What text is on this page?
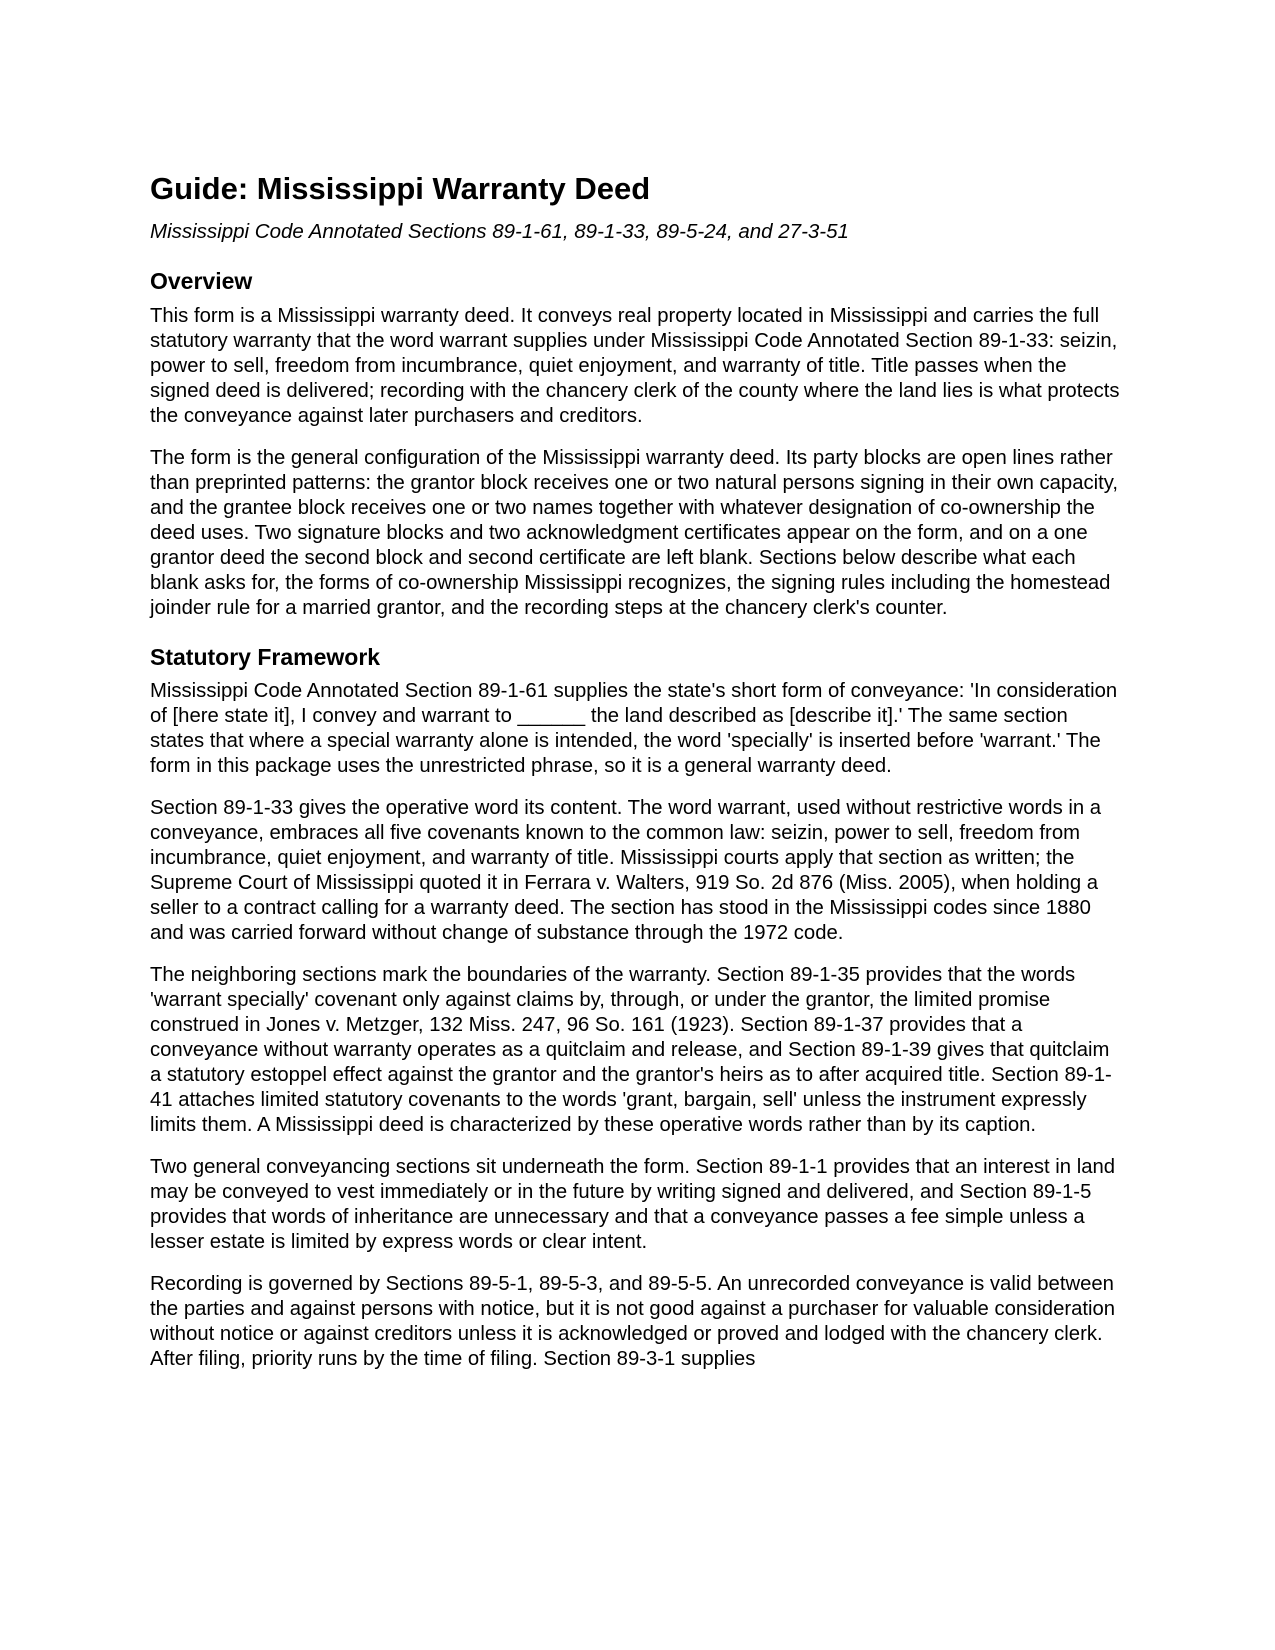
Guide: Mississippi Warranty Deed

Mississippi Code Annotated Sections 89-1-61, 89-1-33, 89-5-24, and 27-3-51

Overview

This form is a Mississippi warranty deed. It conveys real property located in Mississippi and carries the full statutory warranty that the word warrant supplies under Mississippi Code Annotated Section 89-1-33: seizin, power to sell, freedom from incumbrance, quiet enjoyment, and warranty of title. Title passes when the signed deed is delivered; recording with the chancery clerk of the county where the land lies is what protects the conveyance against later purchasers and creditors.

The form is the general configuration of the Mississippi warranty deed. Its party blocks are open lines rather than preprinted patterns: the grantor block receives one or two natural persons signing in their own capacity, and the grantee block receives one or two names together with whatever designation of co-ownership the deed uses. Two signature blocks and two acknowledgment certificates appear on the form, and on a one grantor deed the second block and second certificate are left blank. Sections below describe what each blank asks for, the forms of co-ownership Mississippi recognizes, the signing rules including the homestead joinder rule for a married grantor, and the recording steps at the chancery clerk's counter.

Statutory Framework

Mississippi Code Annotated Section 89-1-61 supplies the state's short form of conveyance: 'In consideration of [here state it], I convey and warrant to ______ the land described as [describe it].' The same section states that where a special warranty alone is intended, the word 'specially' is inserted before 'warrant.' The form in this package uses the unrestricted phrase, so it is a general warranty deed.

Section 89-1-33 gives the operative word its content. The word warrant, used without restrictive words in a conveyance, embraces all five covenants known to the common law: seizin, power to sell, freedom from incumbrance, quiet enjoyment, and warranty of title. Mississippi courts apply that section as written; the Supreme Court of Mississippi quoted it in Ferrara v. Walters, 919 So. 2d 876 (Miss. 2005), when holding a seller to a contract calling for a warranty deed. The section has stood in the Mississippi codes since 1880 and was carried forward without change of substance through the 1972 code.

The neighboring sections mark the boundaries of the warranty. Section 89-1-35 provides that the words 'warrant specially' covenant only against claims by, through, or under the grantor, the limited promise construed in Jones v. Metzger, 132 Miss. 247, 96 So. 161 (1923). Section 89-1-37 provides that a conveyance without warranty operates as a quitclaim and release, and Section 89-1-39 gives that quitclaim a statutory estoppel effect against the grantor and the grantor's heirs as to after acquired title. Section 89-1-41 attaches limited statutory covenants to the words 'grant, bargain, sell' unless the instrument expressly limits them. A Mississippi deed is characterized by these operative words rather than by its caption.

Two general conveyancing sections sit underneath the form. Section 89-1-1 provides that an interest in land may be conveyed to vest immediately or in the future by writing signed and delivered, and Section 89-1-5 provides that words of inheritance are unnecessary and that a conveyance passes a fee simple unless a lesser estate is limited by express words or clear intent.

Recording is governed by Sections 89-5-1, 89-5-3, and 89-5-5. An unrecorded conveyance is valid between the parties and against persons with notice, but it is not good against a purchaser for valuable consideration without notice or against creditors unless it is acknowledged or proved and lodged with the chancery clerk. After filing, priority runs by the time of filing. Section 89-3-1 supplies
